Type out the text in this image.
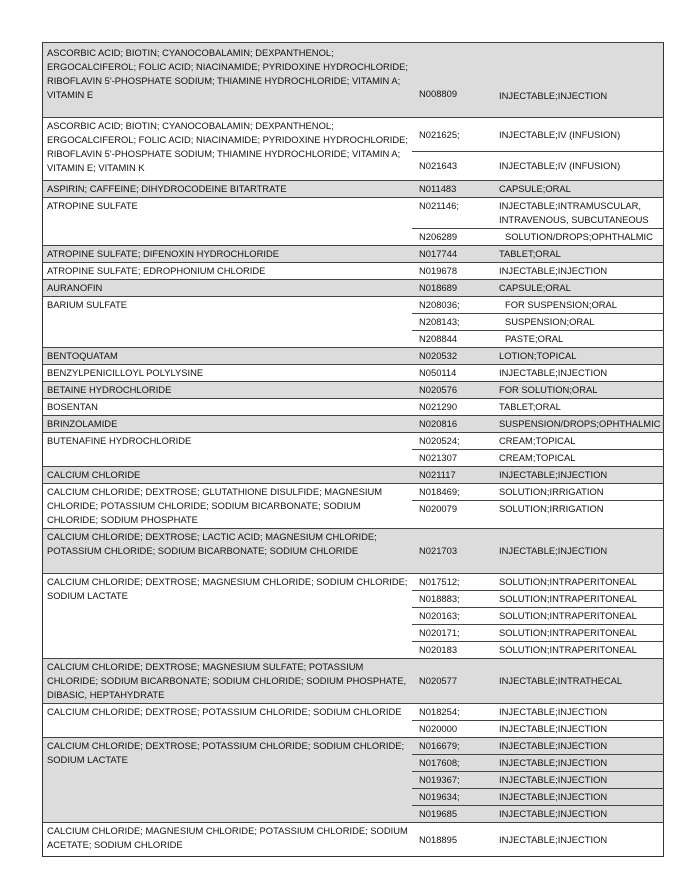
ASCORBIC ACID; BIOTIN; CYANOCOBALAMIN; DEXPANTHENOL; ERGOCALCIFEROL; FOLIC ACID; NIACINAMIDE; PYRIDOXINE HYDROCHLORIDE; RIBOFLAVIN 5'-PHOSPHATE SODIUM; THIAMINE HYDROCHLORIDE; VITAMIN A; VITAMIN E	N008809	INJECTABLE;INJECTION
ASCORBIC ACID; BIOTIN; CYANOCOBALAMIN; DEXPANTHENOL; ERGOCALCIFEROL; FOLIC ACID; NIACINAMIDE; PYRIDOXINE HYDROCHLORIDE; RIBOFLAVIN 5'-PHOSPHATE SODIUM; THIAMINE HYDROCHLORIDE; VITAMIN A; VITAMIN E; VITAMIN K	N021625;	INJECTABLE;IV (INFUSION)
	N021643	INJECTABLE;IV (INFUSION)
ASPIRIN; CAFFEINE; DIHYDROCODEINE BITARTRATE	N011483	CAPSULE;ORAL
ATROPINE SULFATE	N021146;	INJECTABLE;INTRAMUSCULAR, INTRAVENOUS, SUBCUTANEOUS
	N206289	SOLUTION/DROPS;OPHTHALMIC
ATROPINE SULFATE; DIFENOXIN HYDROCHLORIDE	N017744	TABLET;ORAL
ATROPINE SULFATE; EDROPHONIUM CHLORIDE	N019678	INJECTABLE;INJECTION
AURANOFIN	N018689	CAPSULE;ORAL
BARIUM SULFATE	N208036;	FOR SUSPENSION;ORAL
	N208143;	SUSPENSION;ORAL
	N208844	PASTE;ORAL
BENTOQUATAM	N020532	LOTION;TOPICAL
BENZYLPENICILLOYL POLYLYSINE	N050114	INJECTABLE;INJECTION
BETAINE HYDROCHLORIDE	N020576	FOR SOLUTION;ORAL
BOSENTAN	N021290	TABLET;ORAL
BRINZOLAMIDE	N020816	SUSPENSION/DROPS;OPHTHALMIC
BUTENAFINE HYDROCHLORIDE	N020524;	CREAM;TOPICAL
	N021307	CREAM;TOPICAL
CALCIUM CHLORIDE	N021117	INJECTABLE;INJECTION
CALCIUM CHLORIDE; DEXTROSE; GLUTATHIONE DISULFIDE; MAGNESIUM CHLORIDE; POTASSIUM CHLORIDE; SODIUM BICARBONATE; SODIUM CHLORIDE; SODIUM PHOSPHATE	N018469;	SOLUTION;IRRIGATION
	N020079	SOLUTION;IRRIGATION
CALCIUM CHLORIDE; DEXTROSE; LACTIC ACID; MAGNESIUM CHLORIDE; POTASSIUM CHLORIDE; SODIUM BICARBONATE; SODIUM CHLORIDE	N021703	INJECTABLE;INJECTION
CALCIUM CHLORIDE; DEXTROSE; MAGNESIUM CHLORIDE; SODIUM CHLORIDE; SODIUM LACTATE	N017512;	SOLUTION;INTRAPERITONEAL
	N018883;	SOLUTION;INTRAPERITONEAL
	N020163;	SOLUTION;INTRAPERITONEAL
	N020171;	SOLUTION;INTRAPERITONEAL
	N020183	SOLUTION;INTRAPERITONEAL
CALCIUM CHLORIDE; DEXTROSE; MAGNESIUM SULFATE; POTASSIUM CHLORIDE; SODIUM BICARBONATE; SODIUM CHLORIDE; SODIUM PHOSPHATE, DIBASIC, HEPTAHYDRATE	N020577	INJECTABLE;INTRATHECAL
CALCIUM CHLORIDE; DEXTROSE; POTASSIUM CHLORIDE; SODIUM CHLORIDE	N018254;	INJECTABLE;INJECTION
	N020000	INJECTABLE;INJECTION
CALCIUM CHLORIDE; DEXTROSE; POTASSIUM CHLORIDE; SODIUM CHLORIDE; SODIUM LACTATE	N016679;	INJECTABLE;INJECTION
	N017608;	INJECTABLE;INJECTION
	N019367;	INJECTABLE;INJECTION
	N019634;	INJECTABLE;INJECTION
	N019685	INJECTABLE;INJECTION
CALCIUM CHLORIDE; MAGNESIUM CHLORIDE; POTASSIUM CHLORIDE; SODIUM ACETATE; SODIUM CHLORIDE	N018895	INJECTABLE;INJECTION
